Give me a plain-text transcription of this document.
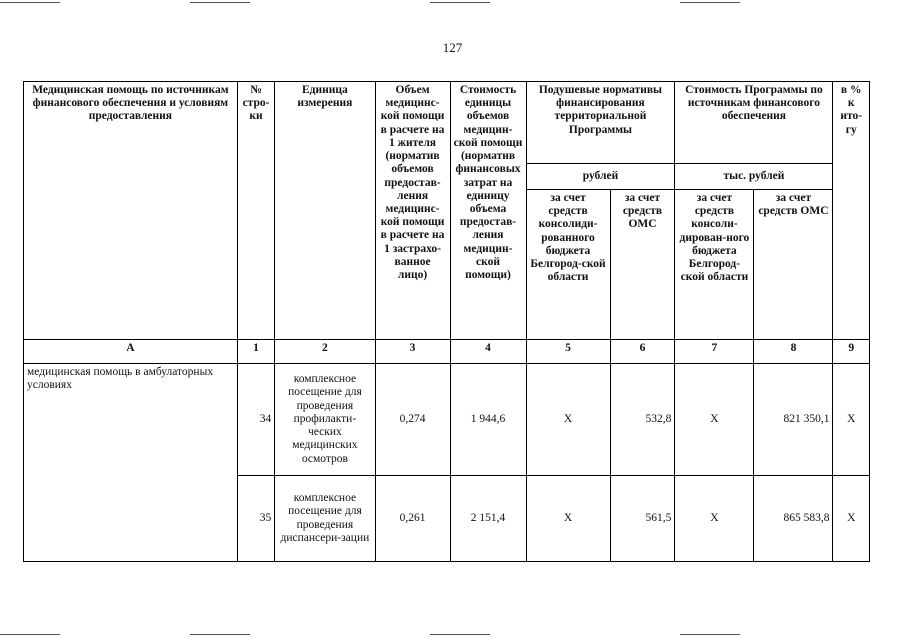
127
Медицинская помощь по источникам финансового обеспечения и условиям предоставления	№ стро-ки	Единица измерения	Объем медицинс-кой помощи в расчете на 1 жителя (норматив объемов предостав-ления медицинс-кой помощи в расчете на 1 застрахо-ванное лицо)	Стоимость единицы объемов медицин-ской помощи (норматив финансовых затрат на единицу объема предостав-ления медицин-ской помощи)	Подушевые нормативы финансирования территориальной Программы		Стоимость Программы по источникам финансового обеспечения		в % к ито-гу
					рублей		тыс. рублей		
					за счет средств консолиди-рованного бюджета Белгород-ской области	за счет средств ОМС	за счет средств консоли-дирован-ного бюджета Белгород-ской области	за счет средств ОМС	
А	1	2	3	4	5	6	7	8	9
медицинская помощь в амбулаторных условиях	34	комплексное посещение для проведения профилакти-ческих медицинских осмотров	0,274	1 944,6	Х	532,8	Х	821 350,1	Х
	35	комплексное посещение для проведения диспансери-зации	0,261	2 151,4	Х	561,5	Х	865 583,8	Х
